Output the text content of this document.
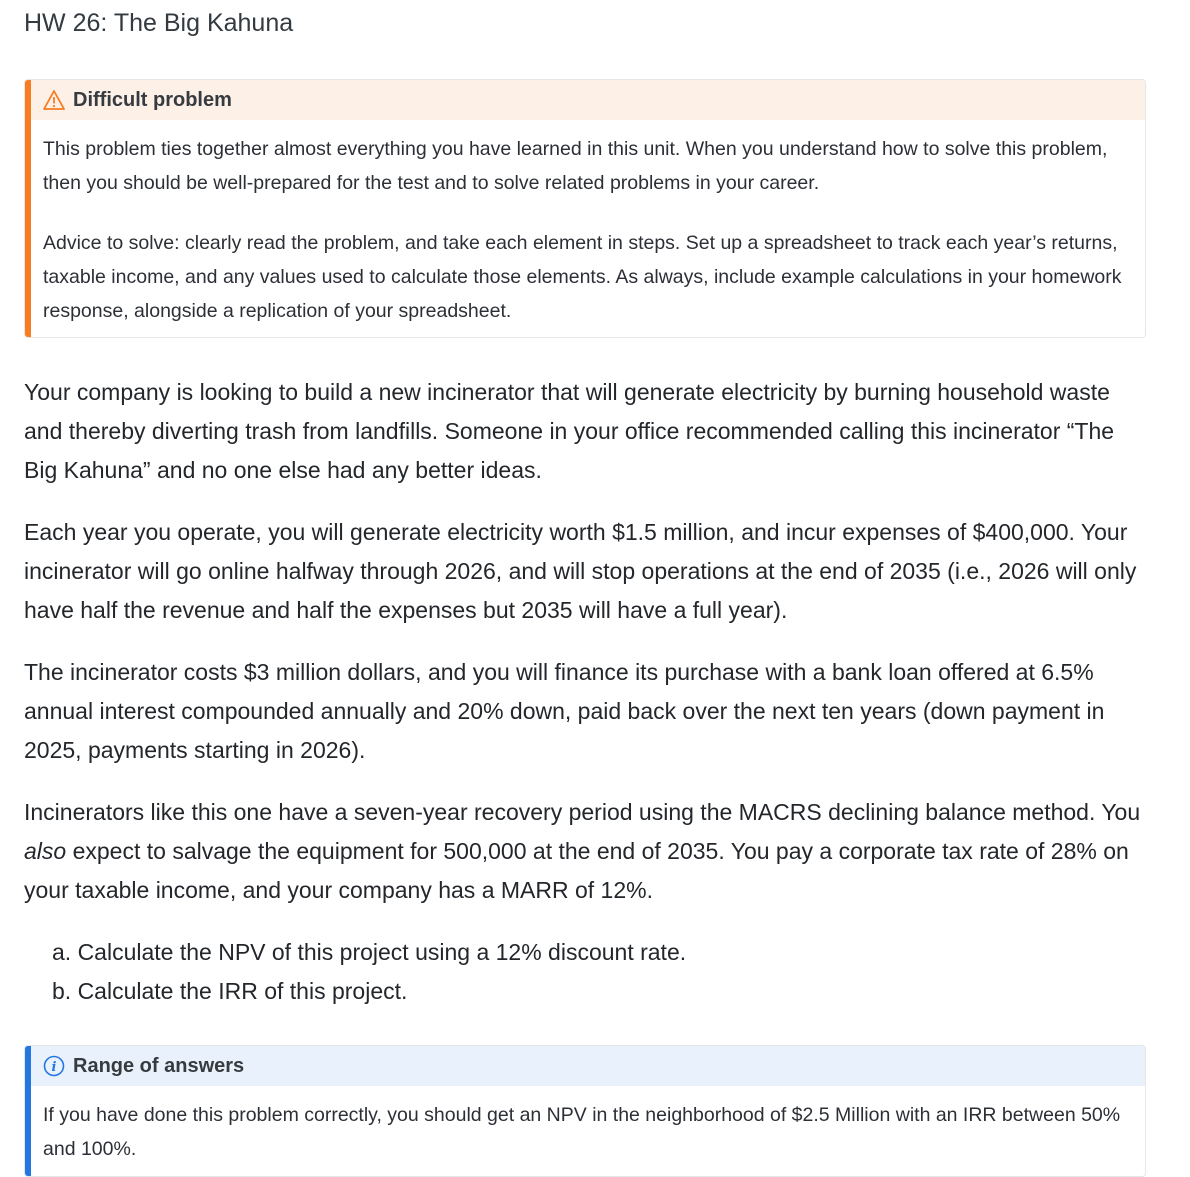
HW 26: The Big Kahuna
Difficult problem

This problem ties together almost everything you have learned in this unit. When you understand how to solve this problem, then you should be well-prepared for the test and to solve related problems in your career.

Advice to solve: clearly read the problem, and take each element in steps. Set up a spreadsheet to track each year’s returns, taxable income, and any values used to calculate those elements. As always, include example calculations in your homework response, alongside a replication of your spreadsheet.

Your company is looking to build a new incinerator that will generate electricity by burning household waste and thereby diverting trash from landfills. Someone in your office recommended calling this incinerator “The Big Kahuna” and no one else had any better ideas.

Each year you operate, you will generate electricity worth $1.5 million, and incur expenses of $400,000. Your incinerator will go online halfway through 2026, and will stop operations at the end of 2035 (i.e., 2026 will only have half the revenue and half the expenses but 2035 will have a full year).

The incinerator costs $3 million dollars, and you will finance its purchase with a bank loan offered at 6.5% annual interest compounded annually and 20% down, paid back over the next ten years (down payment in 2025, payments starting in 2026).

Incinerators like this one have a seven-year recovery period using the MACRS declining balance method. You also expect to salvage the equipment for 500,000 at the end of 2035. You pay a corporate tax rate of 28% on your taxable income, and your company has a MARR of 12%.

a. Calculate the NPV of this project using a 12% discount rate.
b. Calculate the IRR of this project.
i Range of answers

If you have done this problem correctly, you should get an NPV in the neighborhood of $2.5 Million with an IRR between 50% and 100%.
